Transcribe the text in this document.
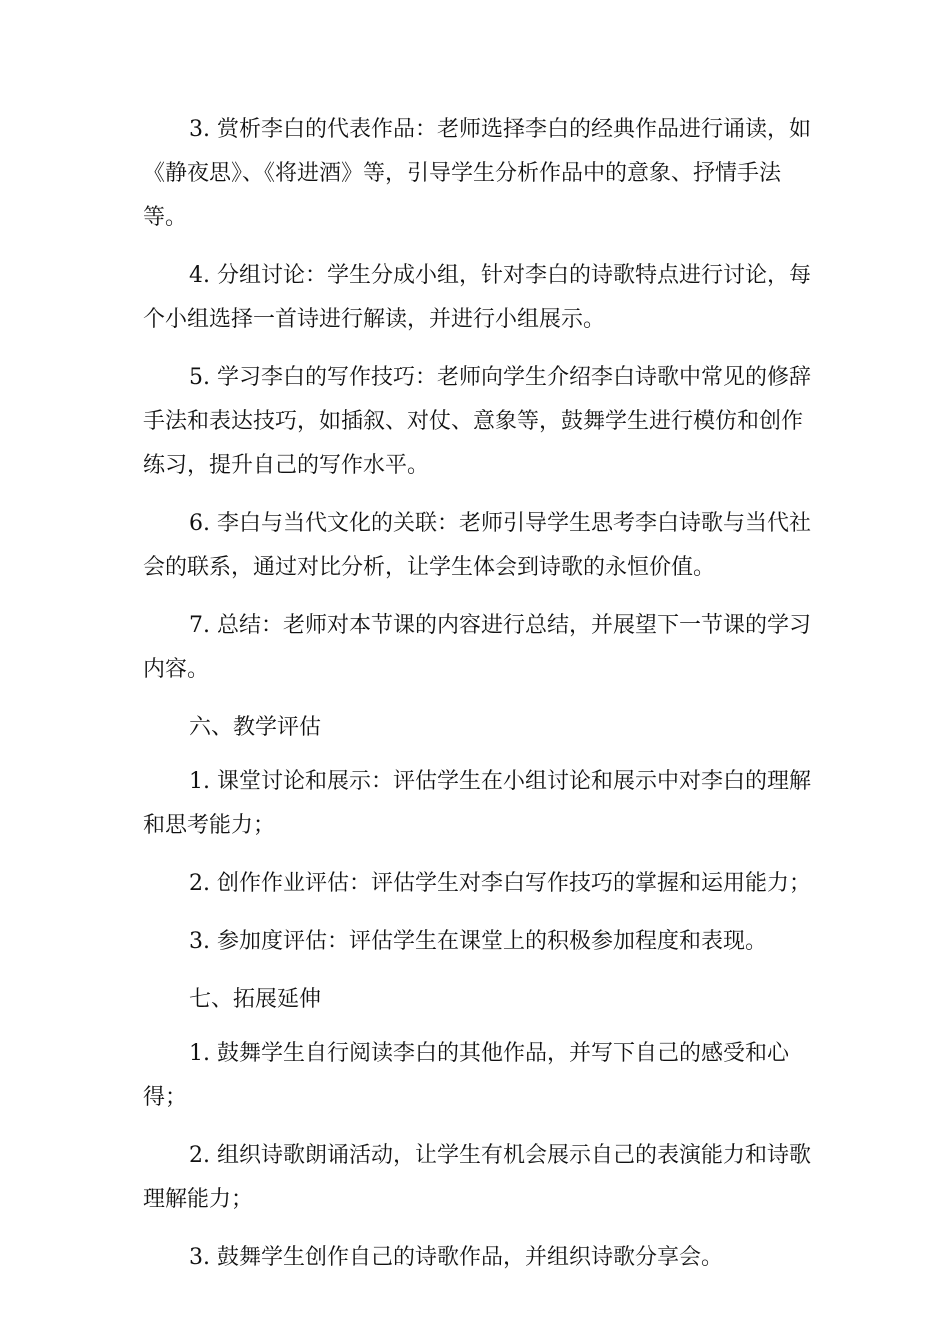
3. 赏析李白的代表作品：老师选择李白的经典作品进行诵读，如《静夜思》、《将进酒》等，引导学生分析作品中的意象、抒情手法等。

4. 分组讨论：学生分成小组，针对李白的诗歌特点进行讨论，每个小组选择一首诗进行解读，并进行小组展示。

5. 学习李白的写作技巧：老师向学生介绍李白诗歌中常见的修辞手法和表达技巧，如插叙、对仗、意象等，鼓舞学生进行模仿和创作练习，提升自己的写作水平。

6. 李白与当代文化的关联：老师引导学生思考李白诗歌与当代社会的联系，通过对比分析，让学生体会到诗歌的永恒价值。

7. 总结：老师对本节课的内容进行总结，并展望下一节课的学习内容。

六、教学评估

1. 课堂讨论和展示：评估学生在小组讨论和展示中对李白的理解和思考能力；

2. 创作作业评估：评估学生对李白写作技巧的掌握和运用能力；

3. 参加度评估：评估学生在课堂上的积极参加程度和表现。

七、拓展延伸

1. 鼓舞学生自行阅读李白的其他作品，并写下自己的感受和心得；

2. 组织诗歌朗诵活动，让学生有机会展示自己的表演能力和诗歌理解能力；

3. 鼓舞学生创作自己的诗歌作品，并组织诗歌分享会。
